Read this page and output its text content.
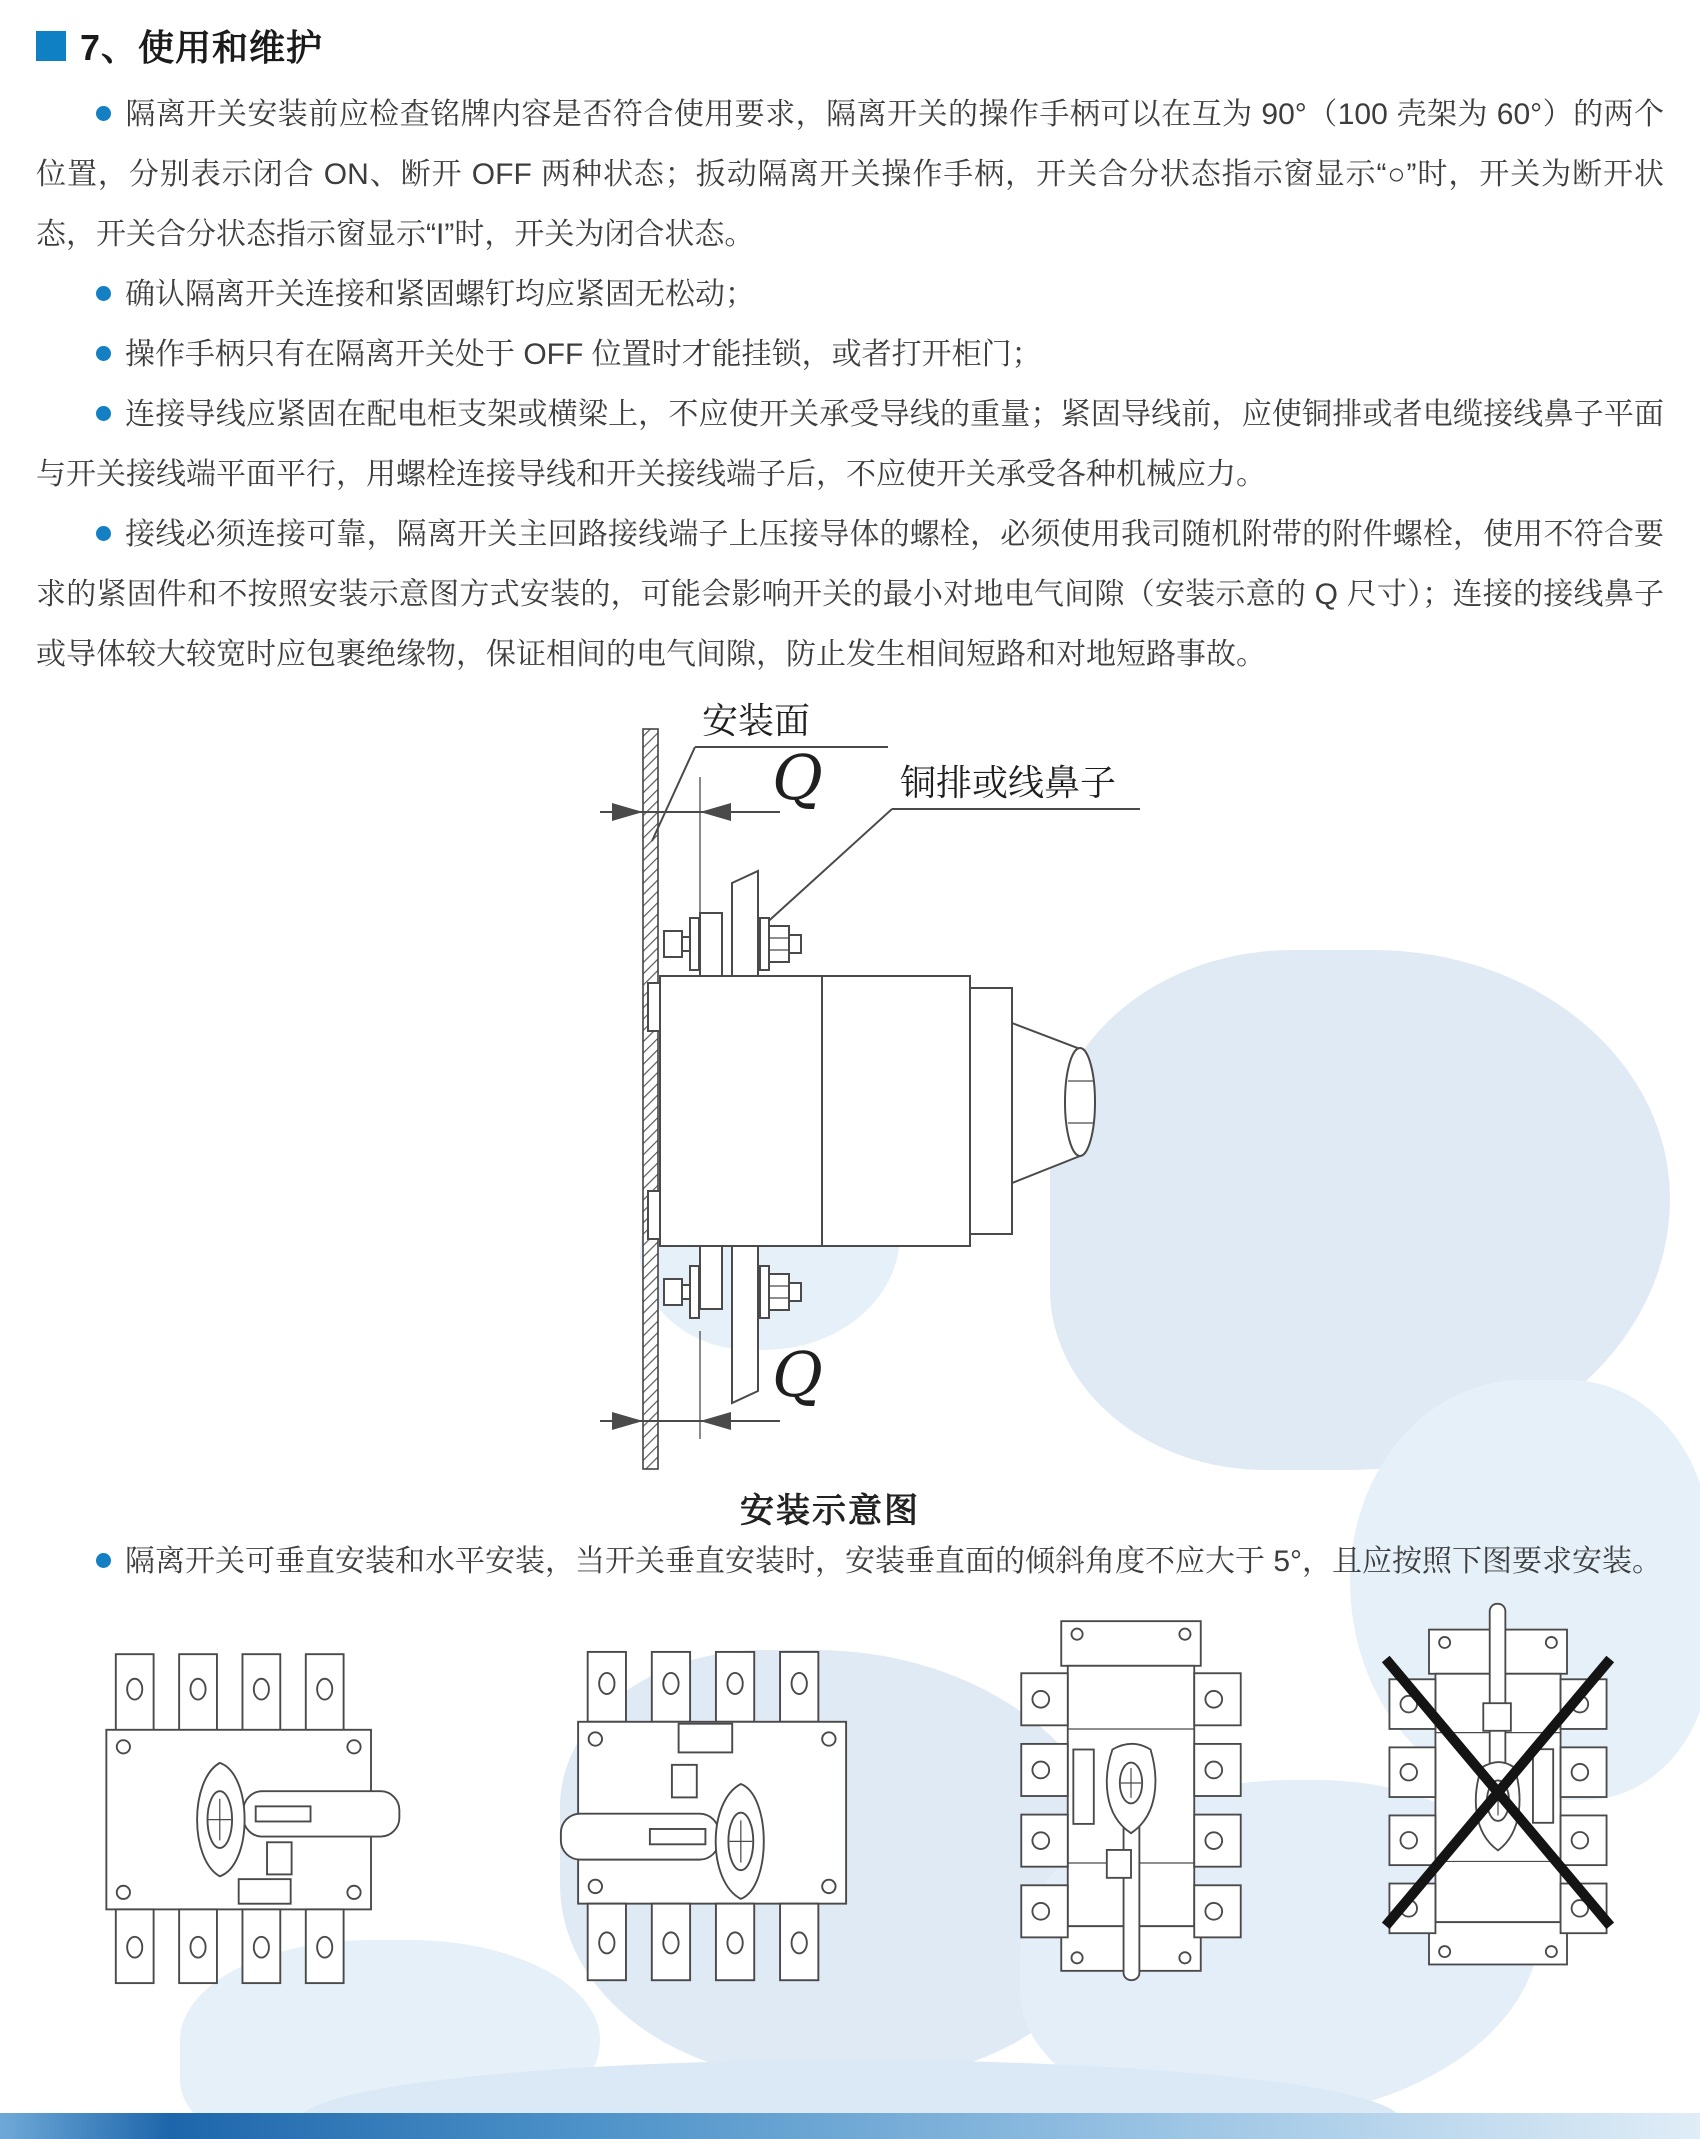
7、使用和维护

隔离开关安装前应检查铭牌内容是否符合使用要求，隔离开关的操作手柄可以在互为 90°（100 壳架为 60°）的两个位置，分别表示闭合 ON、断开 OFF 两种状态；扳动隔离开关操作手柄，开关合分状态指示窗显示“○”时，开关为断开状态，开关合分状态指示窗显示“I”时，开关为闭合状态。

确认隔离开关连接和紧固螺钉均应紧固无松动；

操作手柄只有在隔离开关处于 OFF 位置时才能挂锁，或者打开柜门；

连接导线应紧固在配电柜支架或横梁上，不应使开关承受导线的重量；紧固导线前，应使铜排或者电缆接线鼻子平面与开关接线端平面平行，用螺栓连接导线和开关接线端子后，不应使开关承受各种机械应力。

接线必须连接可靠，隔离开关主回路接线端子上压接导体的螺栓，必须使用我司随机附带的附件螺栓，使用不符合要求的紧固件和不按照安装示意图方式安装的，可能会影响开关的最小对地电气间隙（安装示意的 Q 尺寸）；连接的接线鼻子或导体较大较宽时应包裹绝缘物，保证相间的电气间隙，防止发生相间短路和对地短路事故。

安装面
Q 铜排或线鼻子
Q
安装示意图

隔离开关可垂直安装和水平安装，当开关垂直安装时，安装垂直面的倾斜角度不应大于 5°，且应按照下图要求安装。
